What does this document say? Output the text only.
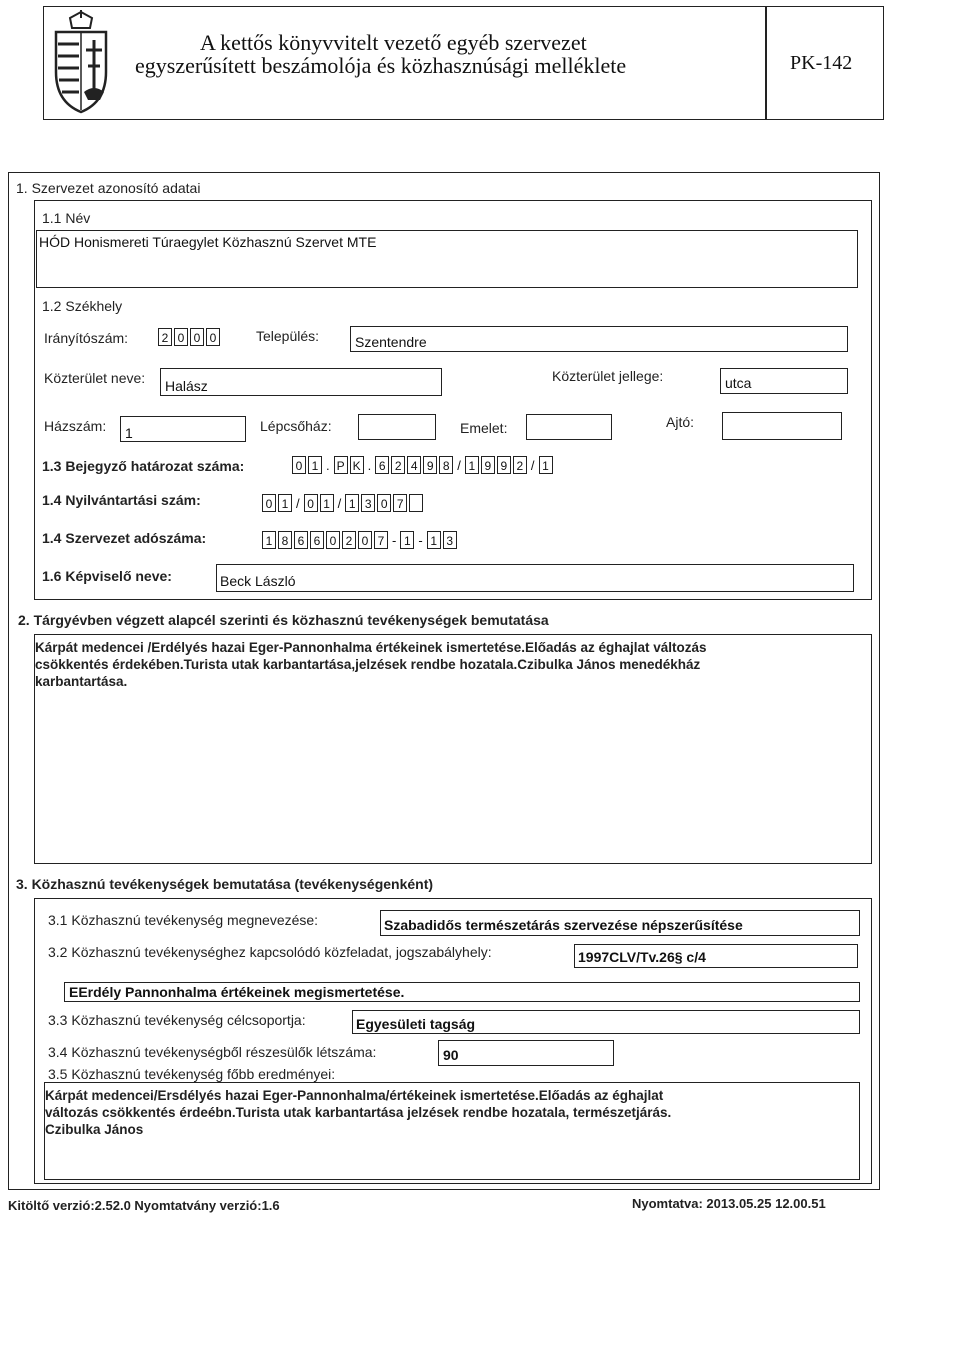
A kettős könyvvitelt vezető egyéb szervezet
egyszerűsített beszámolója és közhasznúsági melléklete	PK-142
1. Szervezet azonosító adatai
1.1 Név
HÓD Honismereti Túraegylet Közhasznú Szervet MTE
1.2 Székhely
Irányítószám:	2 0 0 0	Település:	Szentendre
Közterület neve: Halász
Közterület jellege:	utca
Házszám: 1	Lépcsőház:	Emelet:	Ajtó:
1.3 Bejegyző határozat száma:	0 1 . P K . 6 2 4 9 8 / 1 9 9 2 / 1
1.4 Nyilvántartási szám:	0 1 / 0 1 / 1 3 0 7
1.4 Szervezet adószáma:	1 8 6 6 0 2 0 7 - 1 - 1 3
1.6 Képviselő neve:	Beck László
2. Tárgyévben végzett alapcél szerinti és közhasznú tevékenységek bemutatása
Kárpát medencei /Erdélyés hazai Eger-Pannonhalma értékeinek ismertetése.Előadás az éghajlat változás
csökkentés érdekében.Turista utak karbantartása,jelzések rendbe hozatala.Czibulka János menedékház
karbantartása.
3. Közhasznú tevékenységek bemutatása (tevékenységenként)
3.1 Közhasznú tevékenység megnevezése:	Szabadidős természetárás szervezése népszerűsítése
3.2 Közhasznú tevékenységhez kapcsolódó közfeladat, jogszabályhely:	1997CLV/Tv.26§ c/4
EErdély Pannonhalma értékeinek megismertetése.
3.3 Közhasznú tevékenység célcsoportja:	Egyesületi tagság
3.4 Közhasznú tevékenységből részesülők létszáma:	90
3.5 Közhasznú tevékenység főbb eredményei:
Kárpát medencei/Ersdélyés hazai Eger-Pannonhalma/értékeinek ismertetése.Előadás az éghajlat
változás csökkentés érdeébn.Turista utak karbantartása jelzések rendbe hozatala, természetjárás.
Czibulka János
Kitöltő verzió:2.52.0 Nyomtatvány verzió:1.6	Nyomtatva: 2013.05.25 12.00.51
